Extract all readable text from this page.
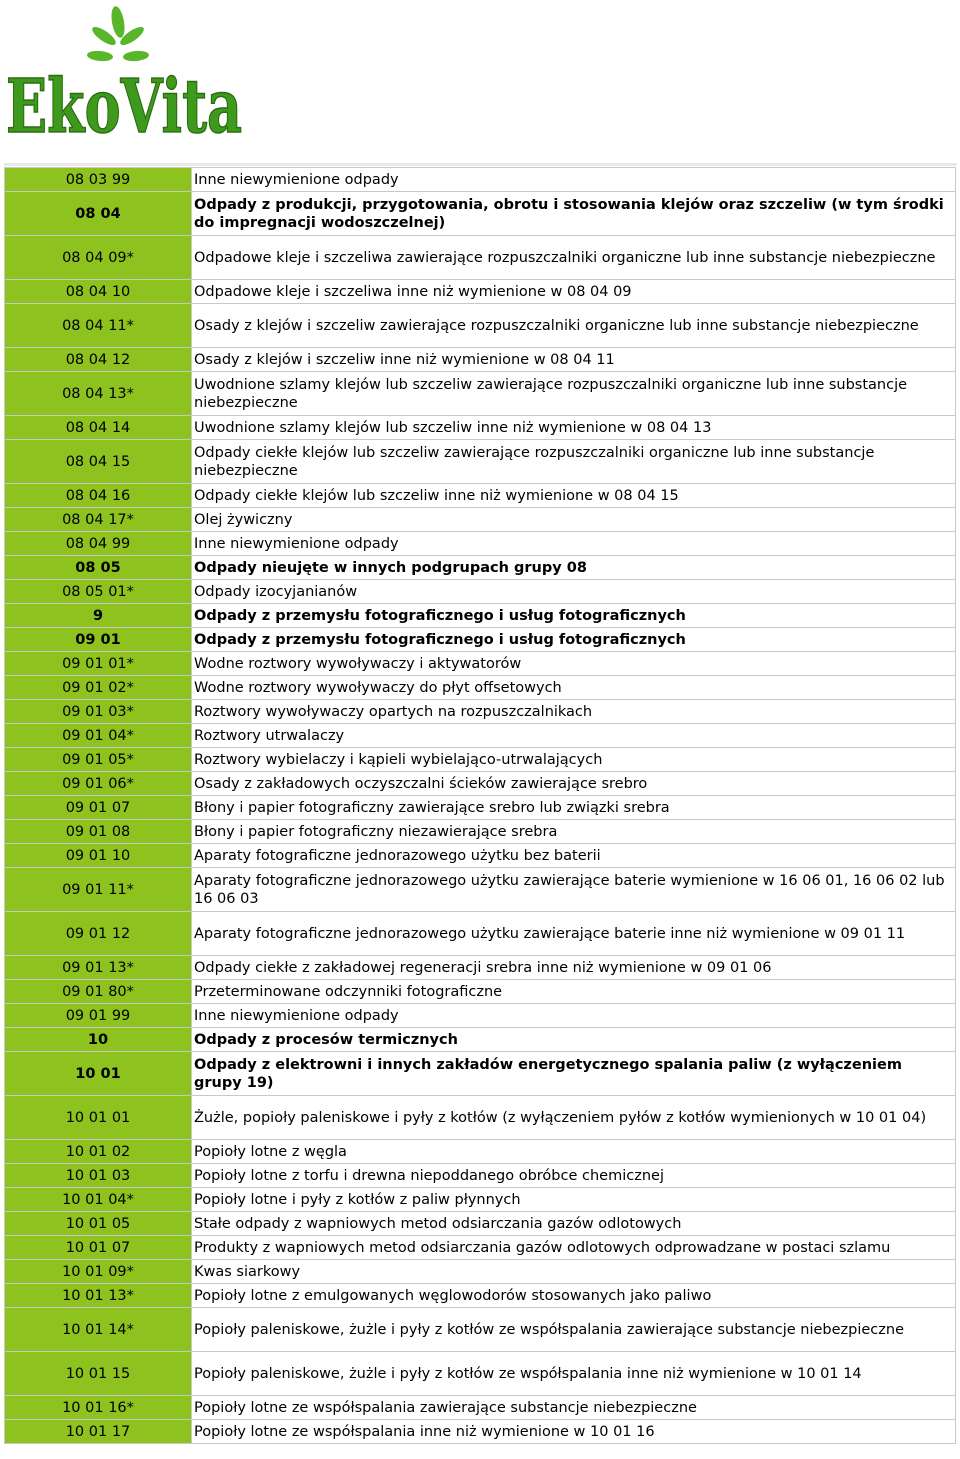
EkoVita
08 03 99	Inne niewymienione odpady
08 04	Odpady z produkcji, przygotowania, obrotu i stosowania klejów oraz szczeliw (w tym środki do impregnacji wodoszczelnej)
08 04 09*	Odpadowe kleje i szczeliwa zawierające rozpuszczalniki organiczne lub inne substancje niebezpieczne
08 04 10	Odpadowe kleje i szczeliwa inne niż wymienione w 08 04 09
08 04 11*	Osady z klejów i szczeliw zawierające rozpuszczalniki organiczne lub inne substancje niebezpieczne
08 04 12	Osady z klejów i szczeliw inne niż wymienione w 08 04 11
08 04 13*	Uwodnione szlamy klejów lub szczeliw zawierające rozpuszczalniki organiczne lub inne substancje niebezpieczne
08 04 14	Uwodnione szlamy klejów lub szczeliw inne niż wymienione w 08 04 13
08 04 15	Odpady ciekłe klejów lub szczeliw zawierające rozpuszczalniki organiczne lub inne substancje niebezpieczne
08 04 16	Odpady ciekłe klejów lub szczeliw inne niż wymienione w 08 04 15
08 04 17*	Olej żywiczny
08 04 99	Inne niewymienione odpady
08 05	Odpady nieujęte w innych podgrupach grupy 08
08 05 01*	Odpady izocyjanianów
9	Odpady z przemysłu fotograficznego i usług fotograficznych
09 01	Odpady z przemysłu fotograficznego i usług fotograficznych
09 01 01*	Wodne roztwory wywoływaczy i aktywatorów
09 01 02*	Wodne roztwory wywoływaczy do płyt offsetowych
09 01 03*	Roztwory wywoływaczy opartych na rozpuszczalnikach
09 01 04*	Roztwory utrwalaczy
09 01 05*	Roztwory wybielaczy i kąpieli wybielająco-utrwalających
09 01 06*	Osady z zakładowych oczyszczalni ścieków zawierające srebro
09 01 07	Błony i papier fotograficzny zawierające srebro lub związki srebra
09 01 08	Błony i papier fotograficzny niezawierające srebra
09 01 10	Aparaty fotograficzne jednorazowego użytku bez baterii
09 01 11*	Aparaty fotograficzne jednorazowego użytku zawierające baterie wymienione w 16 06 01, 16 06 02 lub 16 06 03
09 01 12	Aparaty fotograficzne jednorazowego użytku zawierające baterie inne niż wymienione w 09 01 11
09 01 13*	Odpady ciekłe z zakładowej regeneracji srebra inne niż wymienione w 09 01 06
09 01 80*	Przeterminowane odczynniki fotograficzne
09 01 99	Inne niewymienione odpady
10	Odpady z procesów termicznych
10 01	Odpady z elektrowni i innych zakładów energetycznego spalania paliw (z wyłączeniem grupy 19)
10 01 01	Żużle, popioły paleniskowe i pyły z kotłów (z wyłączeniem pyłów z kotłów wymienionych w 10 01 04)
10 01 02	Popioły lotne z węgla
10 01 03	Popioły lotne z torfu i drewna niepoddanego obróbce chemicznej
10 01 04*	Popioły lotne i pyły z kotłów z paliw płynnych
10 01 05	Stałe odpady z wapniowych metod odsiarczania gazów odlotowych
10 01 07	Produkty z wapniowych metod odsiarczania gazów odlotowych odprowadzane w postaci szlamu
10 01 09*	Kwas siarkowy
10 01 13*	Popioły lotne z emulgowanych węglowodorów stosowanych jako paliwo
10 01 14*	Popioły paleniskowe, żużle i pyły z kotłów ze współspalania zawierające substancje niebezpieczne
10 01 15	Popioły paleniskowe, żużle i pyły z kotłów ze współspalania inne niż wymienione w 10 01 14
10 01 16*	Popioły lotne ze współspalania zawierające substancje niebezpieczne
10 01 17	Popioły lotne ze współspalania inne niż wymienione w 10 01 16
